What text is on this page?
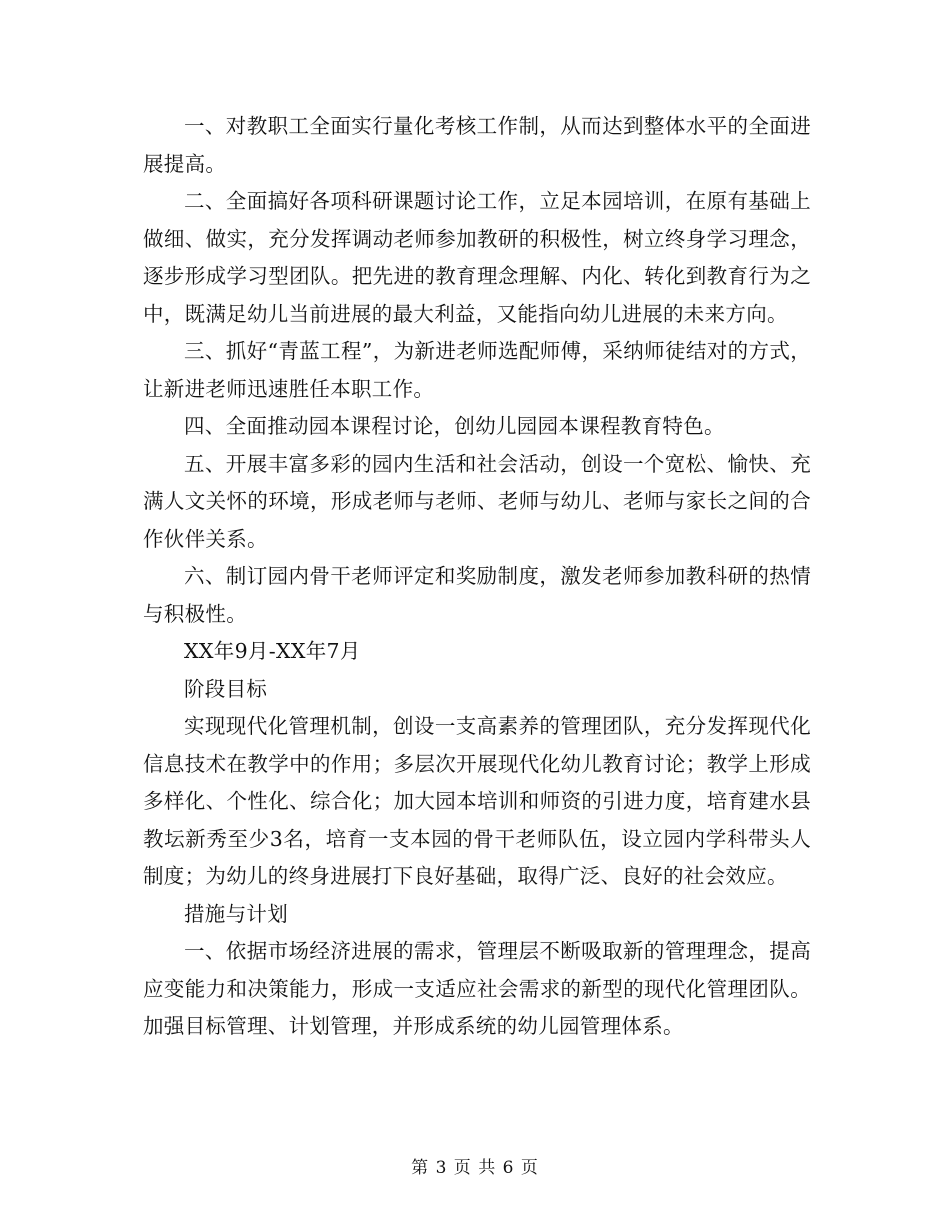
一、对教职工全面实行量化考核工作制，从而达到整体水平的全面进展提高。

二、全面搞好各项科研课题讨论工作，立足本园培训，在原有基础上做细、做实，充分发挥调动老师参加教研的积极性，树立终身学习理念，逐步形成学习型团队。把先进的教育理念理解、内化、转化到教育行为之中，既满足幼儿当前进展的最大利益，又能指向幼儿进展的未来方向。

三、抓好“青蓝工程”，为新进老师选配师傅，采纳师徒结对的方式，让新进老师迅速胜任本职工作。

四、全面推动园本课程讨论，创幼儿园园本课程教育特色。

五、开展丰富多彩的园内生活和社会活动，创设一个宽松、愉快、充满人文关怀的环境，形成老师与老师、老师与幼儿、老师与家长之间的合作伙伴关系。

六、制订园内骨干老师评定和奖励制度，激发老师参加教科研的热情与积极性。

XX年9月-XX年7月

阶段目标

实现现代化管理机制，创设一支高素养的管理团队，充分发挥现代化信息技术在教学中的作用；多层次开展现代化幼儿教育讨论；教学上形成多样化、个性化、综合化；加大园本培训和师资的引进力度，培育建水县教坛新秀至少3名，培育一支本园的骨干老师队伍，设立园内学科带头人制度；为幼儿的终身进展打下良好基础，取得广泛、良好的社会效应。

措施与计划

一、依据市场经济进展的需求，管理层不断吸取新的管理理念，提高应变能力和决策能力，形成一支适应社会需求的新型的现代化管理团队。加强目标管理、计划管理，并形成系统的幼儿园管理体系。

第 3 页 共 6 页
